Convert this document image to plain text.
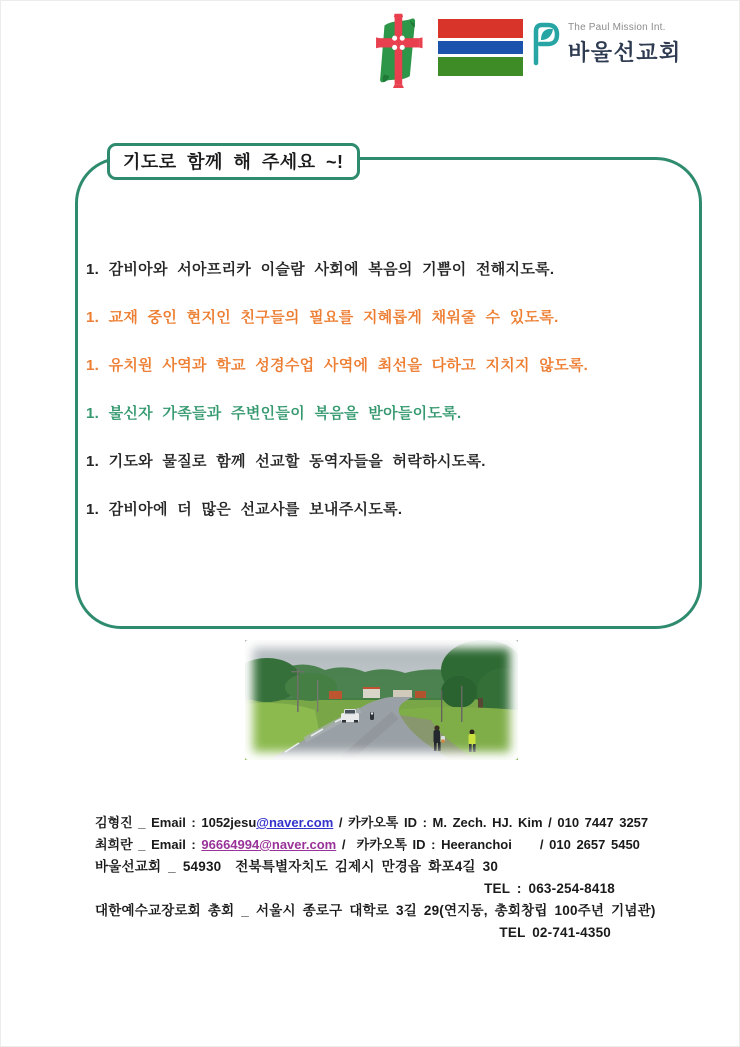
The Paul Mission Int.
바울선교회
기도로 함께 해 주세요 ~!
1. 감비아와 서아프리카 이슬람 사회에 복음의 기쁨이 전해지도록.
1. 교재 중인 현지인 친구들의 필요를 지혜롭게 채워줄 수 있도록.
1. 유치원 사역과 학교 성경수업 사역에 최선을 다하고 지치지 않도록.
1. 불신자 가족들과 주변인들이 복음을 받아들이도록.
1. 기도와 물질로 함께 선교할 동역자들을 허락하시도록.
1. 감비아에 더 많은 선교사를 보내주시도록.
김형진 _ Email : 1052jesu@naver.com / 카카오톡 ID : M. Zech. HJ. Kim / 010 7447 3257
최희란 _ Email : 96664994@naver.com /  카카오톡 ID : Heeranchoi     / 010 2657 5450
바울선교회 _ 54930  전북특별자치도 김제시 만경읍 화포4길 30
TEL : 063-254-8418
대한예수교장로회 총회 _ 서울시 종로구 대학로 3길 29(연지동, 총회창립 100주년 기념관)
TEL 02-741-4350
